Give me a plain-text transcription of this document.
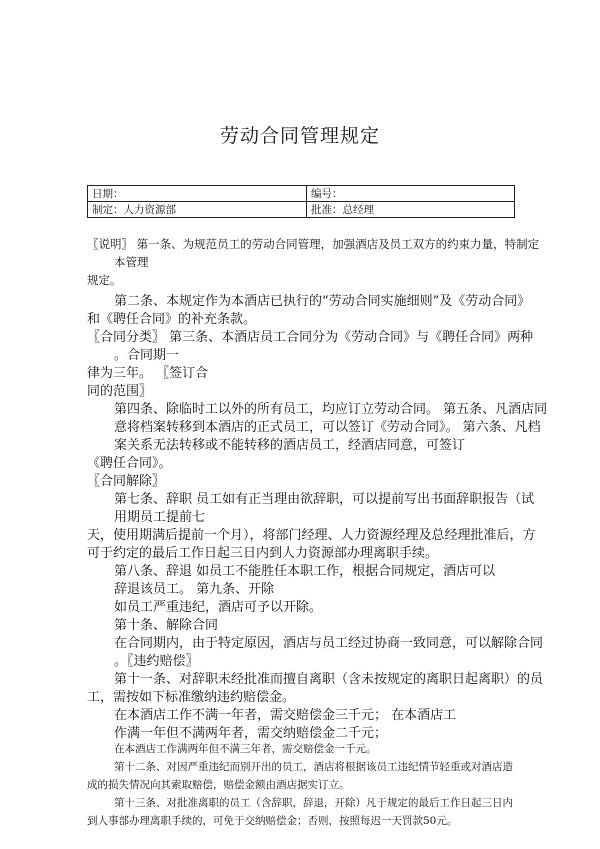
劳动合同管理规定
日期：	编号：
制定：人力资源部	批准：总经理
〖说明〗 第一条、为规范员工的劳动合同管理，加强酒店及员工双方的约束力量，特制定
本管理
规定。
第二条、本规定作为本酒店已执行的“劳动合同实施细则”及《劳动合同》
和《聘任合同》的补充条款。
〖合同分类〗 第三条、本酒店员工合同分为《劳动合同》与《聘任合同》两种
。合同期一
律为三年。 〖签订合
同的范围〗
第四条、除临时工以外的所有员工，均应订立劳动合同。 第五条、凡酒店同
意将档案转移到本酒店的正式员工，可以签订《劳动合同》。 第六条、凡档
案关系无法转移或不能转移的酒店员工，经酒店同意，可签订
《聘任合同》。
〖合同解除〗
第七条、辞职 员工如有正当理由欲辞职，可以提前写出书面辞职报告（试
用期员工提前七
天，使用期满后提前一个月），将部门经理、人力资源经理及总经理批准后，方
可于约定的最后工作日起三日内到人力资源部办理离职手续。
第八条、辞退 如员工不能胜任本职工作，根据合同规定，酒店可以
辞退该员工。 第九条、开除
如员工严重违纪，酒店可予以开除。
第十条、解除合同
在合同期内，由于特定原因，酒店与员工经过协商一致同意，可以解除合同
。〖违约赔偿〗
第十一条、对辞职未经批准而擅自离职（含未按规定的离职日起离职）的员
工，需按如下标准缴纳违约赔偿金。
在本酒店工作不满一年者，需交赔偿金三千元； 在本酒店工
作满一年但不满两年者，需交纳赔偿金二千元；
在本酒店工作满两年但不满三年者，需交赔偿金一千元。
第十二条、对因严重违纪而别开出的员工，酒店将根据该员工违纪情节轻重或对酒店造
成的损失情况向其索取赔偿，赔偿金额由酒店据实订立。
第十三条、对批准离职的员工（含辞职，辞退，开除）凡于规定的最后工作日起三日内
到人事部办理离职手续的，可免于交纳赔偿金；否则，按照每迟一天罚款50元。
